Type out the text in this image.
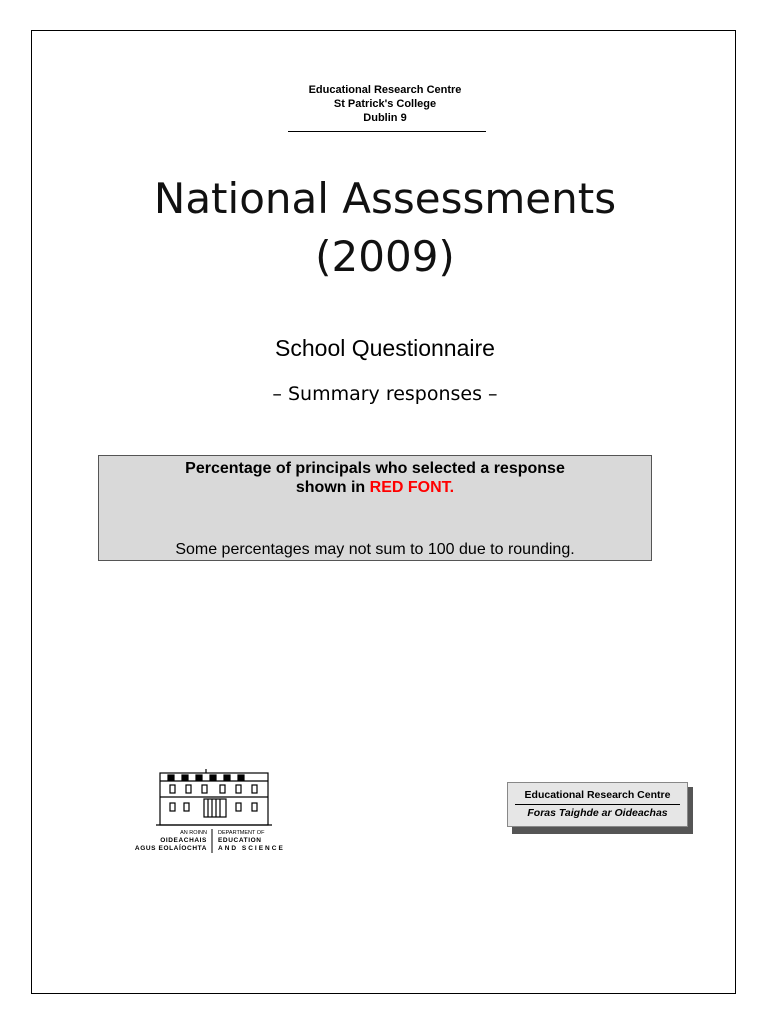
Educational Research Centre
St Patrick's College
Dublin 9
National Assessments
(2009)
School Questionnaire
– Summary responses –
Percentage of principals who selected a response
shown in RED FONT.
Some percentages may not sum to 100 due to rounding.
AN ROINN
OIDEACHAIS
AGUS EOLAÍOCHTA
DEPARTMENT OF
EDUCATION
AND SCIENCE
Educational Research Centre
Foras Taighde ar Oideachas
